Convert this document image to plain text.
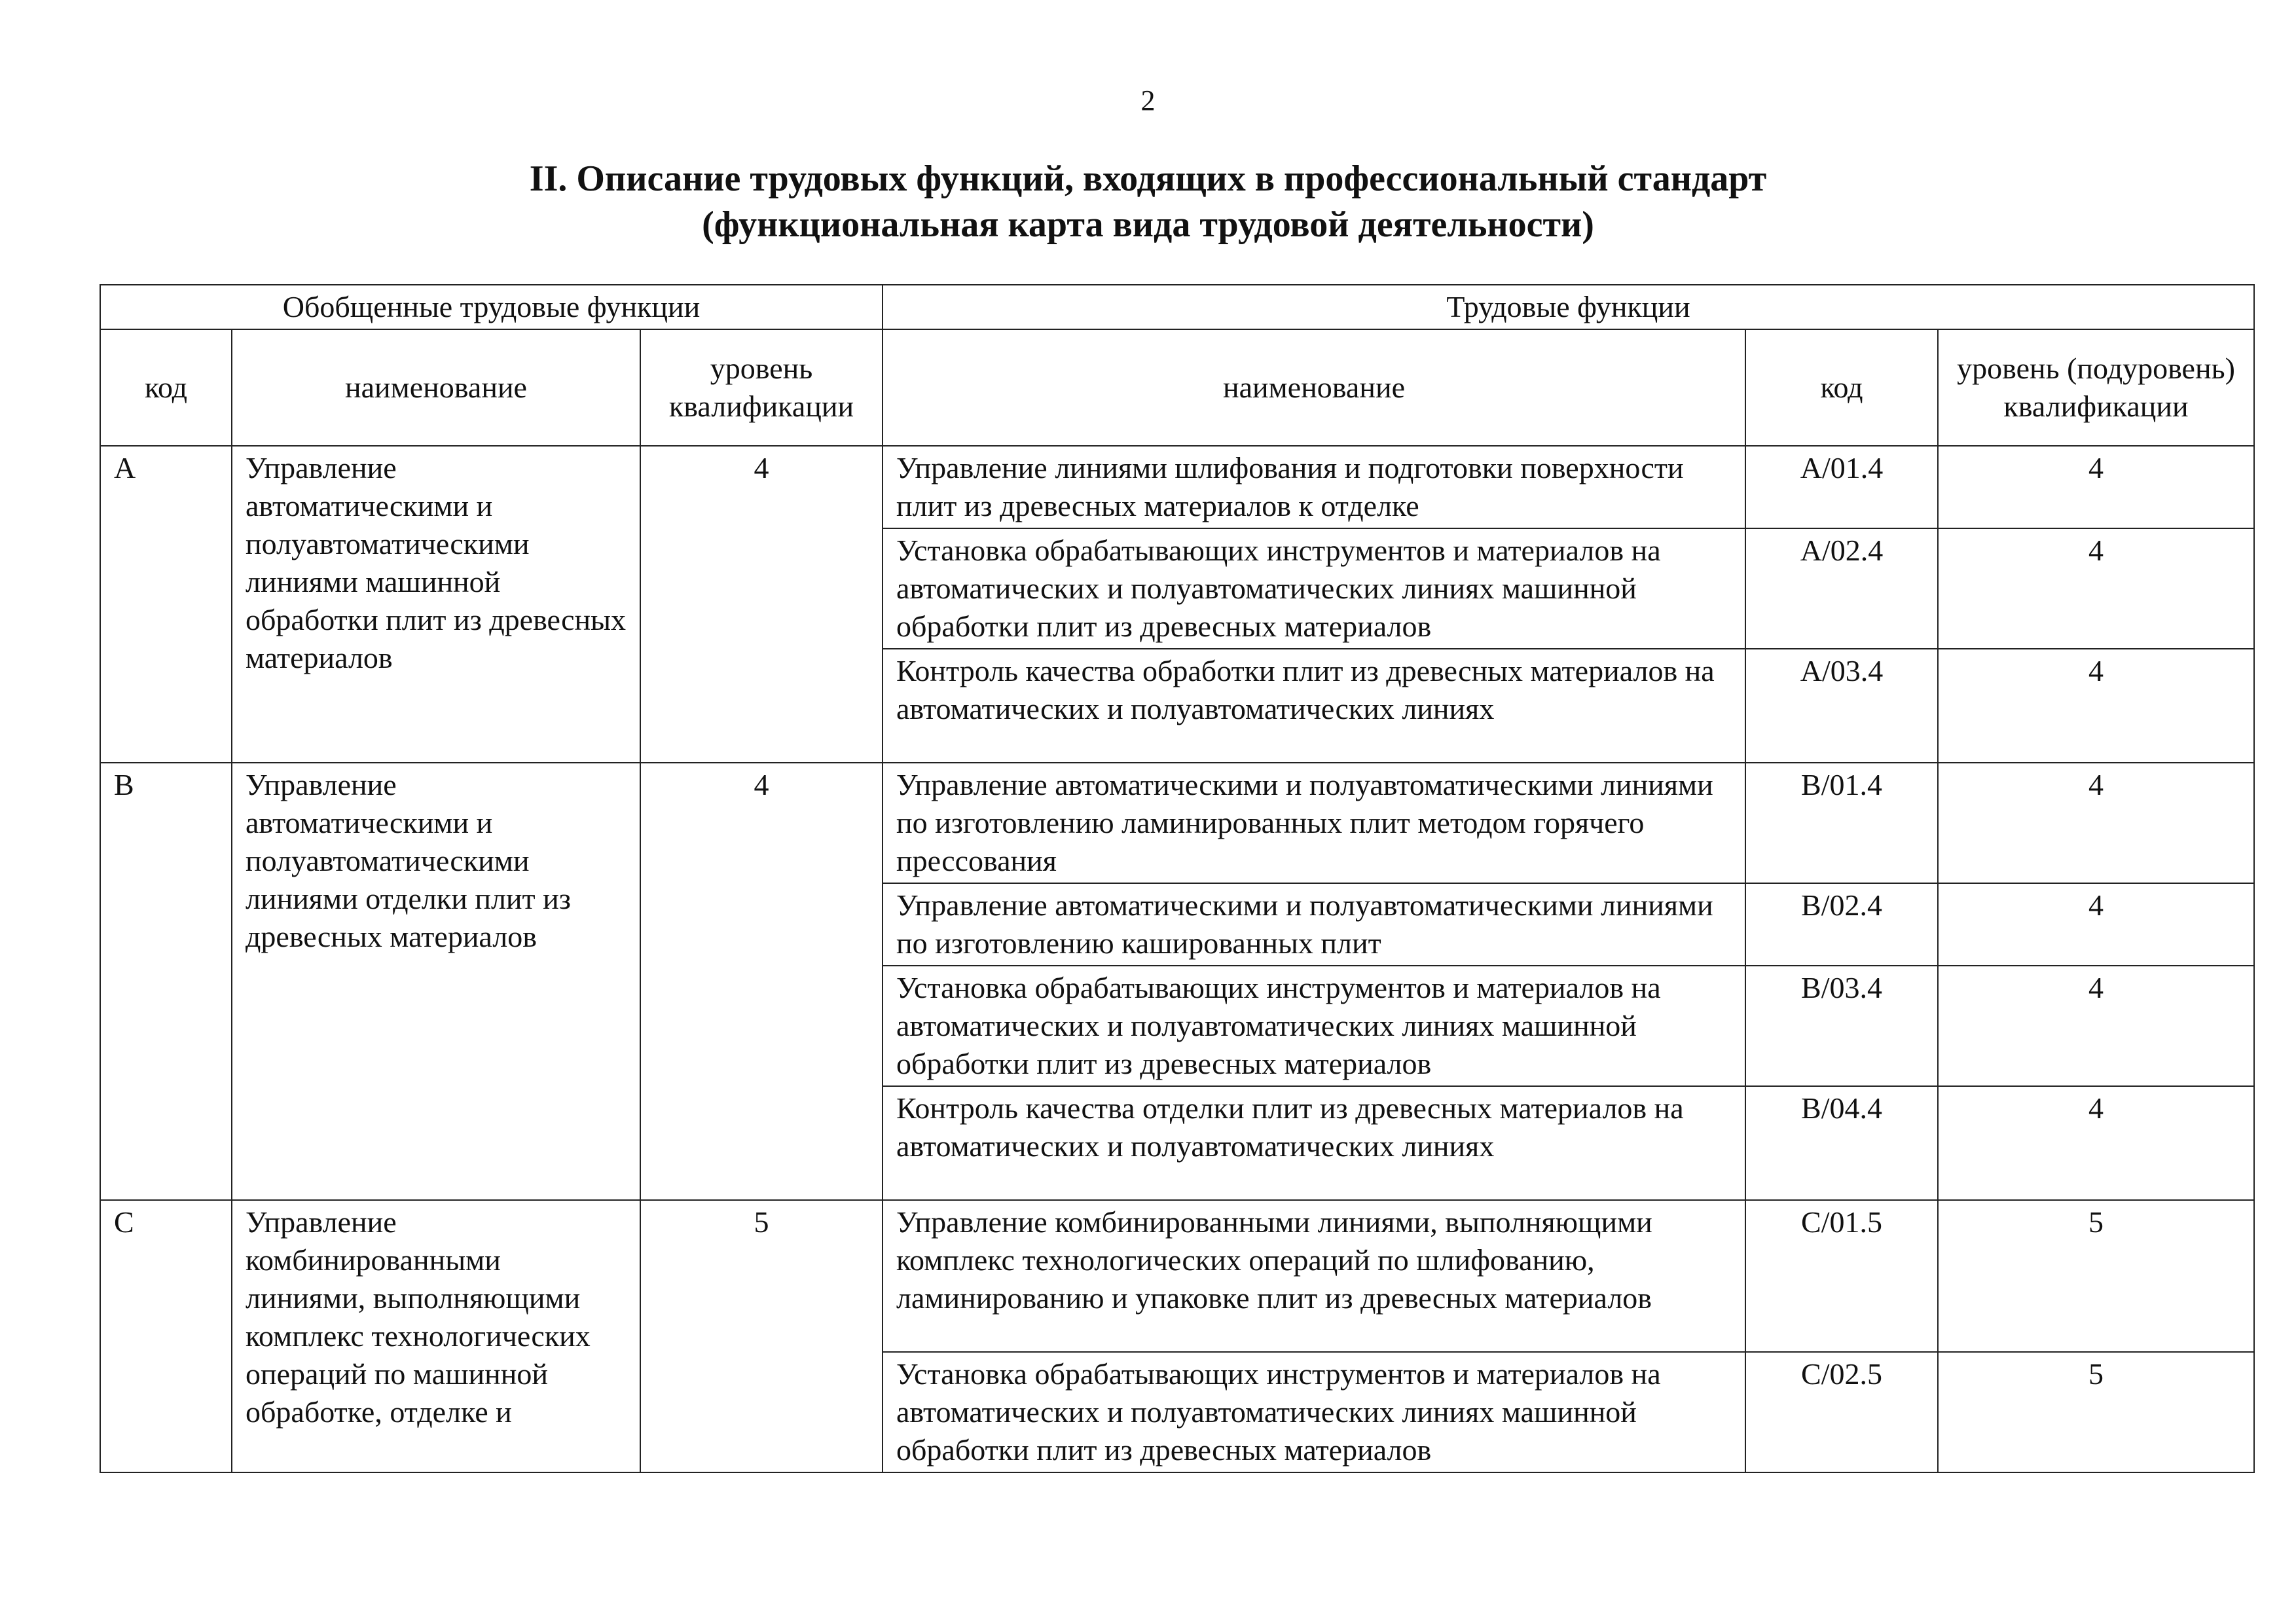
2
II. Описание трудовых функций, входящих в профессиональный стандарт
(функциональная карта вида трудовой деятельности)
Обобщенные трудовые функции			Трудовые функции		
код	наименование	уровень квалификации	наименование	код	уровень (подуровень) квалификации
A	Управление автоматическими и полуавтоматическими линиями машинной обработки плит из древесных материалов	4	Управление линиями шлифования и подготовки поверхности плит из древесных материалов к отделке	A/01.4	4
			Установка обрабатывающих инструментов и материалов на автоматических и полуавтоматических линиях машинной обработки плит из древесных материалов	A/02.4	4
			Контроль качества обработки плит из древесных материалов на автоматических и полуавтоматических линиях	A/03.4	4
B	Управление автоматическими и полуавтоматическими линиями отделки плит из древесных материалов	4	Управление автоматическими и полуавтоматическими линиями по изготовлению ламинированных плит методом горячего прессования	B/01.4	4
			Управление автоматическими и полуавтоматическими линиями по изготовлению кашированных плит	B/02.4	4
			Установка обрабатывающих инструментов и материалов на автоматических и полуавтоматических линиях машинной обработки плит из древесных материалов	B/03.4	4
			Контроль качества отделки плит из древесных материалов на автоматических и полуавтоматических линиях	B/04.4	4
C	Управление комбинированными линиями, выполняющими комплекс технологических операций по машинной обработке, отделке и	5	Управление комбинированными линиями, выполняющими комплекс технологических операций по шлифованию, ламинированию и упаковке плит из древесных материалов	C/01.5	5
			Установка обрабатывающих инструментов и материалов на автоматических и полуавтоматических линиях машинной обработки плит из древесных материалов	C/02.5	5
